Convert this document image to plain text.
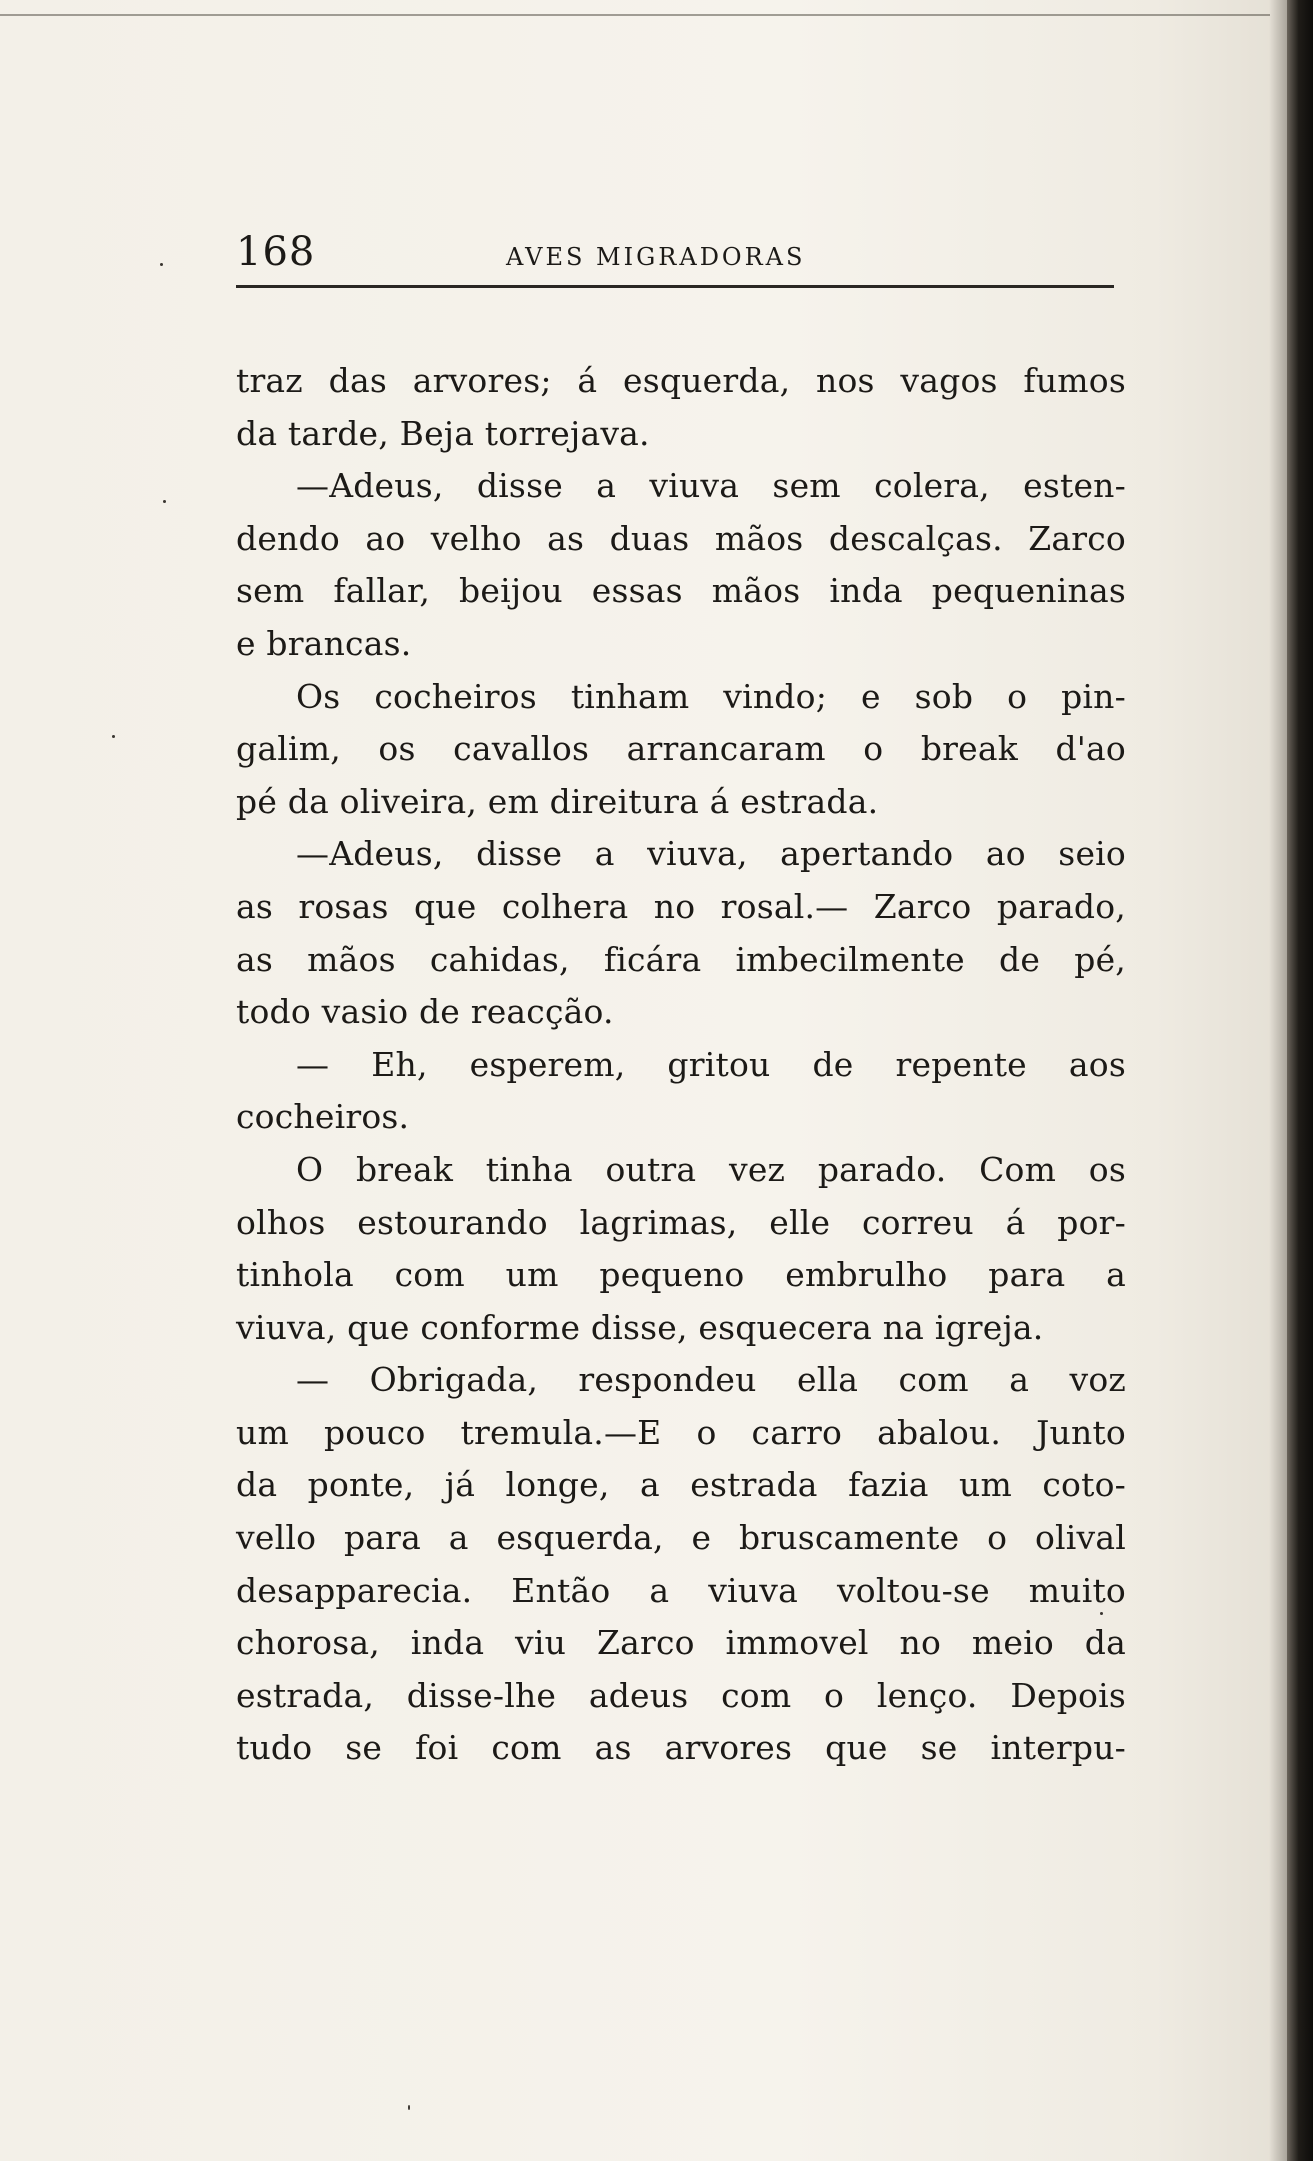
168	AVES MIGRADORAS
traz das arvores; á esquerda, nos vagos fumos
da tarde, Beja torrejava.
—Adeus, disse a viuva sem colera, esten-
dendo ao velho as duas mãos descalças. Zarco
sem fallar, beijou essas mãos inda pequeninas
e brancas.
Os cocheiros tinham vindo; e sob o pin-
galim, os cavallos arrancaram o break d'ao
pé da oliveira, em direitura á estrada.
—Adeus, disse a viuva, apertando ao seio
as rosas que colhera no rosal.— Zarco parado,
as mãos cahidas, ficára imbecilmente de pé,
todo vasio de reacção.
— Eh, esperem, gritou de repente aos
cocheiros.
O break tinha outra vez parado. Com os
olhos estourando lagrimas, elle correu á por-
tinhola com um pequeno embrulho para a
viuva, que conforme disse, esquecera na igreja.
— Obrigada, respondeu ella com a voz
um pouco tremula.—E o carro abalou. Junto
da ponte, já longe, a estrada fazia um coto-
vello para a esquerda, e bruscamente o olival
desapparecia. Então a viuva voltou-se muito
chorosa, inda viu Zarco immovel no meio da
estrada, disse-lhe adeus com o lenço. Depois
tudo se foi com as arvores que se interpu-
